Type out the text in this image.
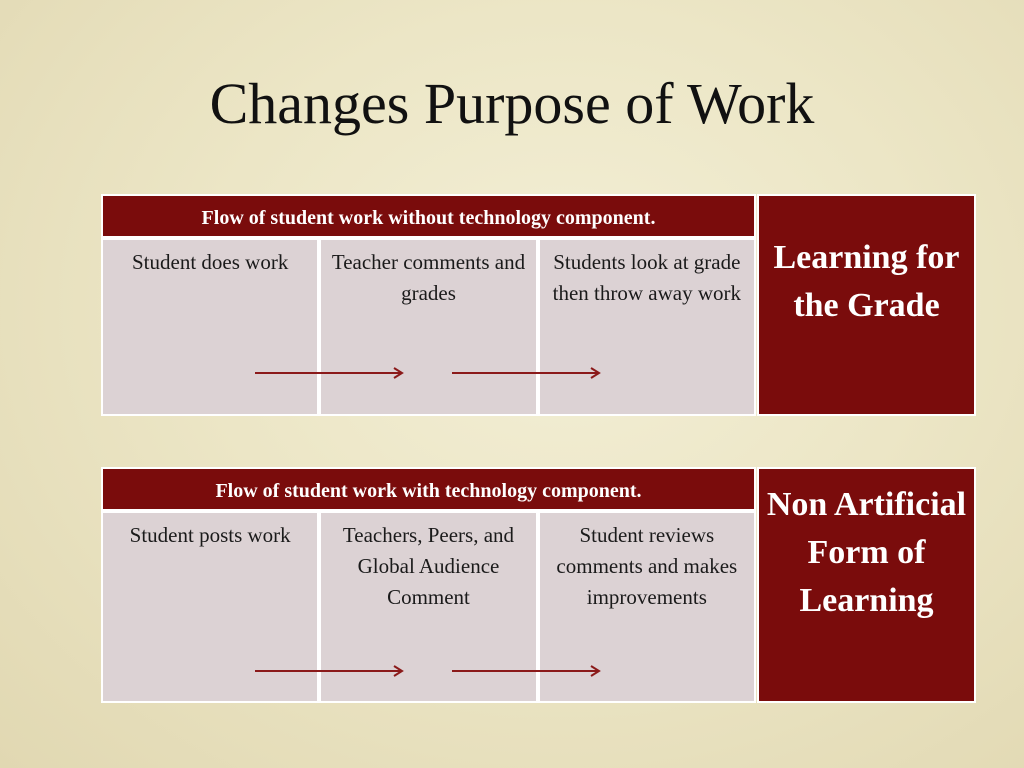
Changes Purpose of Work
Flow of student work without technology component.
Student does work	Teacher comments and grades
Students look at grade then throw away work
Learning for the Grade
Flow of student work with technology component.
Student posts work	Teachers, Peers, and Global Audience Comment
Student reviews comments and makes improvements
Non Artificial Form of Learning
